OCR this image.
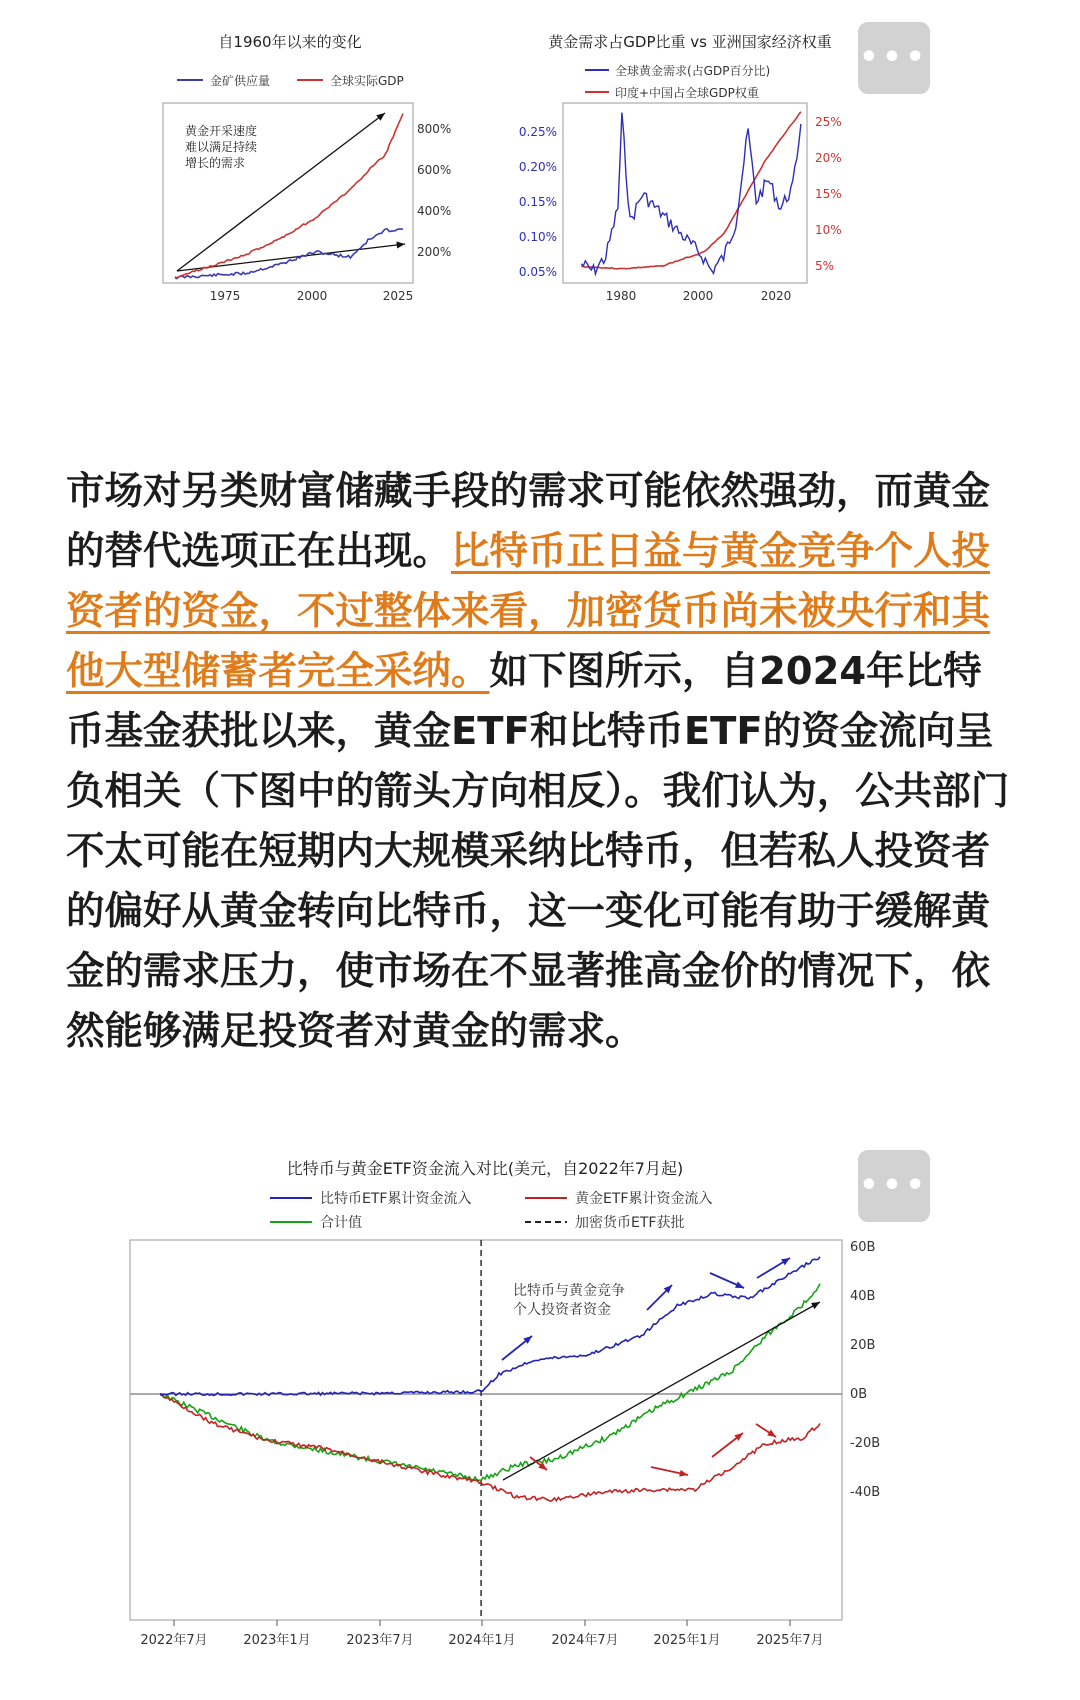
自1960年以来的变化
金矿供应量	全球实际GDP
黄金开采速度 难以满足持续 增长的需求
800%
600%
400%
200%
1975	2000	2025
黄金需求占GDP比重 vs 亚洲国家经济权重
全球黄金需求(占GDP百分比)
印度+中国占全球GDP权重
0.25%
0.20%
0.15%
0.10%
0.05%
25%
20%
15%
10%
5%
1980	2000	2020
•••

市场对另类财富储藏手段的需求可能依然强劲，而黄金的替代选项正在出现。比特币正日益与黄金竞争个人投资者的资金，不过整体来看，加密货币尚未被央行和其他大型储蓄者完全采纳。如下图所示，自2024年比特币基金获批以来，黄金ETF和比特币ETF的资金流向呈负相关（下图中的箭头方向相反）。我们认为，公共部门不太可能在短期内大规模采纳比特币，但若私人投资者的偏好从黄金转向比特币，这一变化可能有助于缓解黄金的需求压力，使市场在不显著推高金价的情况下，依然能够满足投资者对黄金的需求。

比特币与黄金ETF资金流入对比(美元，自2022年7月起)
比特币ETF累计资金流入	黄金ETF累计资金流入
合计值	加密货币ETF获批
比特币与黄金竞争 个人投资者资金
60B
40B
20B
0B
-20B
-40B
2022年7月	2023年1月	2023年7月	2024年1月	2024年7月	2025年1月	2025年7月
•••
